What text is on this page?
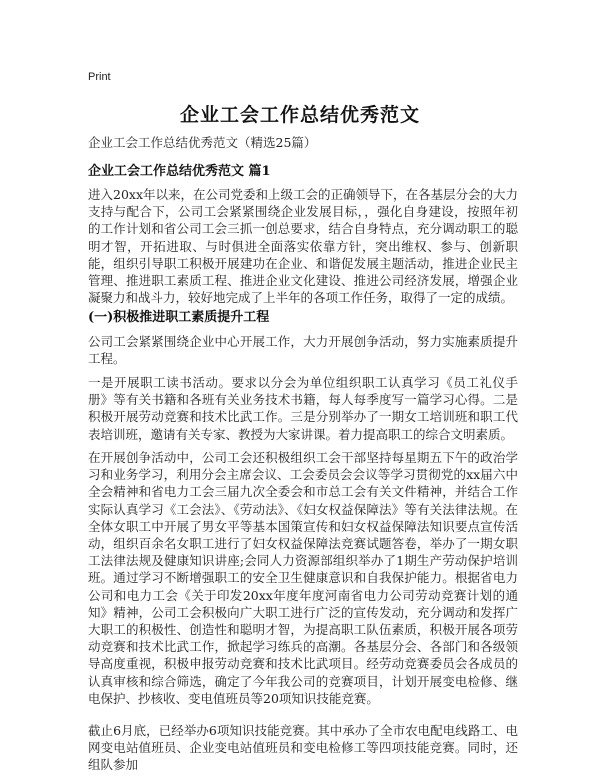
Print
企业工会工作总结优秀范文
企业工会工作总结优秀范文（精选25篇）
企业工会工作总结优秀范文 篇1

进入20xx年以来，在公司党委和上级工会的正确领导下，在各基层分会的大力支持与配合下，公司工会紧紧围绕企业发展目标，，强化自身建设，按照年初的工作计划和省公司工会三抓一创总要求，结合自身特点，充分调动职工的聪明才智，开拓进取、与时俱进全面落实依靠方针，突出维权、参与、创新职能，组织引导职工积极开展建功在企业、和谐促发展主题活动，推进企业民主管理、推进职工素质工程、推进企业文化建设、推进公司经济发展，增强企业凝聚力和战斗力，较好地完成了上半年的各项工作任务，取得了一定的成绩。

(一)积极推进职工素质提升工程

公司工会紧紧围绕企业中心开展工作，大力开展创争活动，努力实施素质提升工程。

一是开展职工读书活动。要求以分会为单位组织职工认真学习《员工礼仪手册》等有关书籍和各班有关业务技术书籍，每人每季度写一篇学习心得。二是积极开展劳动竞赛和技术比武工作。三是分别举办了一期女工培训班和职工代表培训班，邀请有关专家、教授为大家讲课。着力提高职工的综合文明素质。

在开展创争活动中，公司工会还积极组织工会干部坚持每星期五下午的政治学习和业务学习，利用分会主席会议、工会委员会会议等学习贯彻党的xx届六中全会精神和省电力工会三届九次全委会和市总工会有关文件精神，并结合工作实际认真学习《工会法》、《劳动法》、《妇女权益保障法》等有关法律法规。在全体女职工中开展了男女平等基本国策宣传和妇女权益保障法知识要点宣传活动，组织百余名女职工进行了妇女权益保障法竞赛试题答卷，举办了一期女职工法律法规及健康知识讲座;会同人力资源部组织举办了1期生产劳动保护培训班。通过学习不断增强职工的安全卫生健康意识和自我保护能力。根据省电力公司和电力工会《关于印发20xx年度年度河南省电力公司劳动竞赛计划的通知》精神，公司工会积极向广大职工进行广泛的宣传发动，充分调动和发挥广大职工的积极性、创造性和聪明才智，为提高职工队伍素质，积极开展各项劳动竞赛和技术比武工作，掀起学习练兵的高潮。各基层分会、各部门和各级领导高度重视，积极申报劳动竞赛和技术比武项目。经劳动竞赛委员会各成员的认真审核和综合筛选，确定了今年我公司的竞赛项目，计划开展变电检修、继电保护、抄核收、变电值班员等20项知识技能竞赛。

截止6月底，已经举办6项知识技能竞赛。其中承办了全市农电配电线路工、电网变电站值班员、企业变电站值班员和变电检修工等四项技能竞赛。同时，还组队参加
